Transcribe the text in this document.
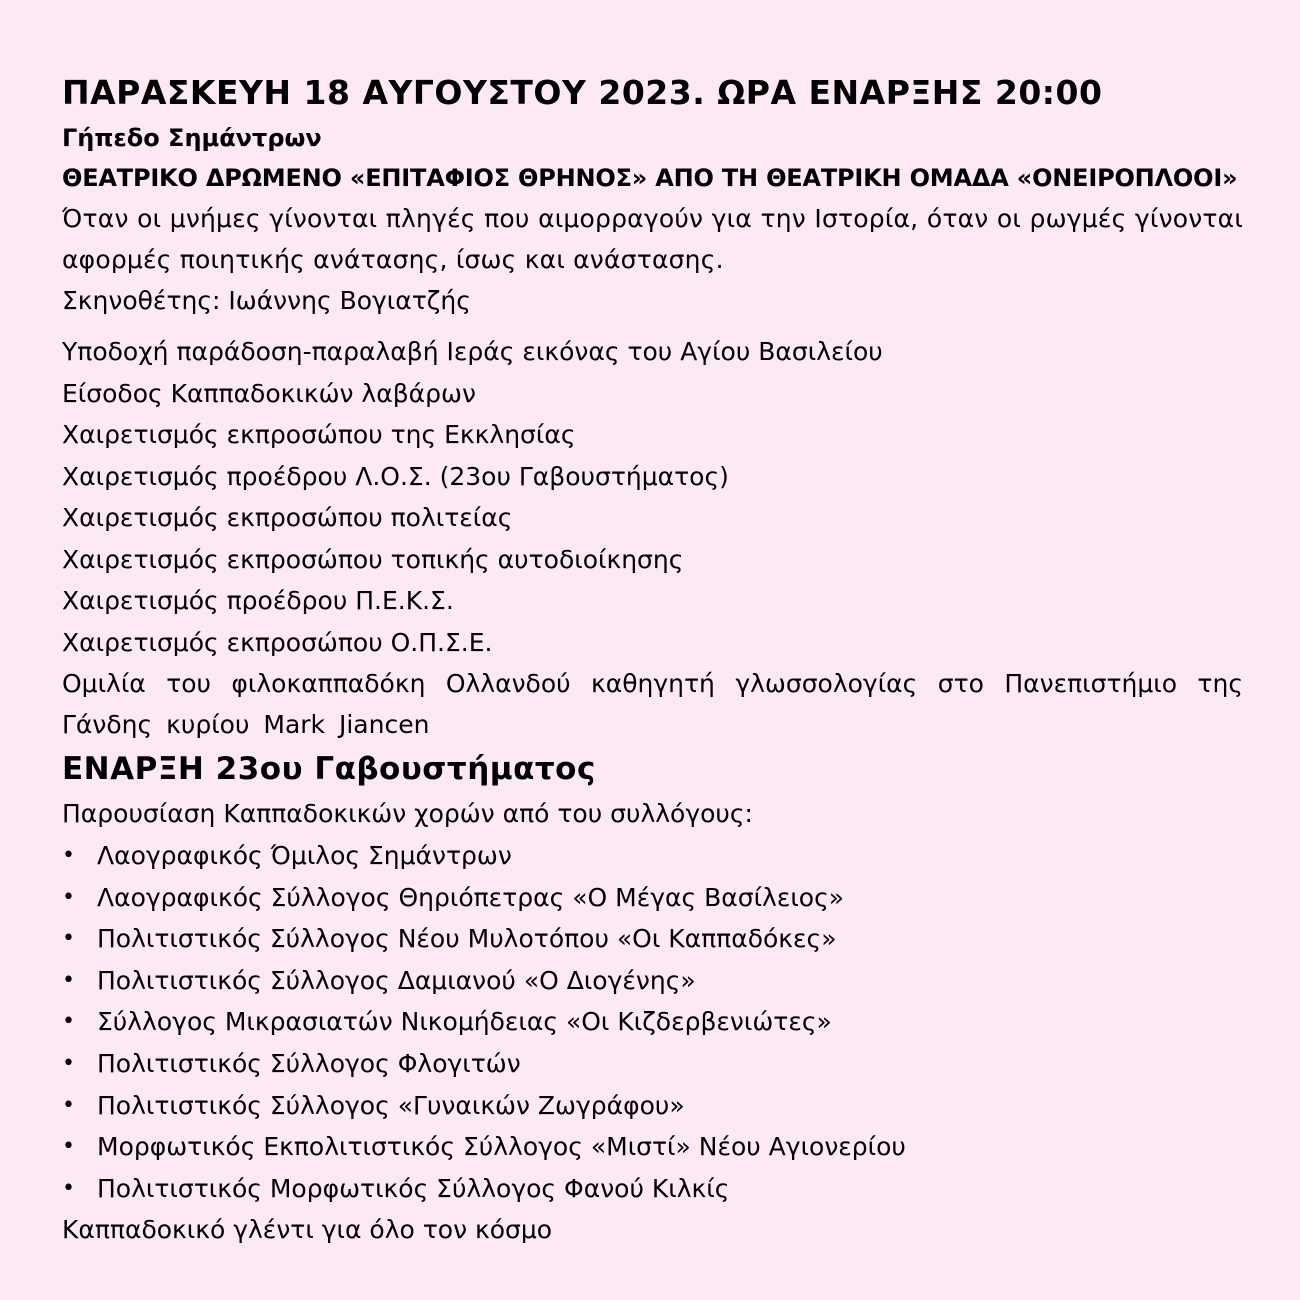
ΠΑΡΑΣΚΕΥΗ 18 ΑΥΓΟΥΣΤΟΥ 2023. ΩΡΑ ΕΝΑΡΞΗΣ 20:00
Γήπεδο Σημάντρων
ΘΕΑΤΡΙΚΟ ΔΡΩΜΕΝΟ «ΕΠΙΤΑΦΙΟΣ ΘΡΗΝΟΣ» ΑΠΟ ΤΗ ΘΕΑΤΡΙΚΗ ΟΜΑΔΑ «ΟΝΕΙΡΟΠΛΟΟΙ»
Όταν οι μνήμες γίνονται πληγές που αιμορραγούν για την Ιστορία, όταν οι ρωγμές γίνονται αφορμές ποιητικής ανάτασης, ίσως και ανάστασης.
Σκηνοθέτης: Ιωάννης Βογιατζής
Υποδοχή παράδοση-παραλαβή Ιεράς εικόνας του Αγίου Βασιλείου
Είσοδος Καππαδοκικών λαβάρων
Χαιρετισμός εκπροσώπου της Εκκλησίας
Χαιρετισμός προέδρου Λ.Ο.Σ. (23ου Γαβουστήματος)
Χαιρετισμός εκπροσώπου πολιτείας
Χαιρετισμός εκπροσώπου τοπικής αυτοδιοίκησης
Χαιρετισμός προέδρου Π.Ε.Κ.Σ.
Χαιρετισμός εκπροσώπου Ο.Π.Σ.Ε.
Ομιλία του φιλοκαππαδόκη Ολλανδού καθηγητή γλωσσολογίας στο Πανεπιστήμιο της Γάνδης κυρίου Mark Jiancen
ΕΝΑΡΞΗ 23ου Γαβουστήματος
Παρουσίαση Καππαδοκικών χορών από του συλλόγους:
• Λαογραφικός Όμιλος Σημάντρων
• Λαογραφικός Σύλλογος Θηριόπετρας «Ο Μέγας Βασίλειος»
• Πολιτιστικός Σύλλογος Νέου Μυλοτόπου «Οι Καππαδόκες»
• Πολιτιστικός Σύλλογος Δαμιανού «Ο Διογένης»
• Σύλλογος Μικρασιατών Νικομήδειας «Οι Κιζδερβενιώτες»
• Πολιτιστικός Σύλλογος Φλογιτών
• Πολιτιστικός Σύλλογος «Γυναικών Ζωγράφου»
• Μορφωτικός Εκπολιτιστικός Σύλλογος «Μιστί» Νέου Αγιονερίου
• Πολιτιστικός Μορφωτικός Σύλλογος Φανού Κιλκίς
Καππαδοκικό γλέντι για όλο τον κόσμο
